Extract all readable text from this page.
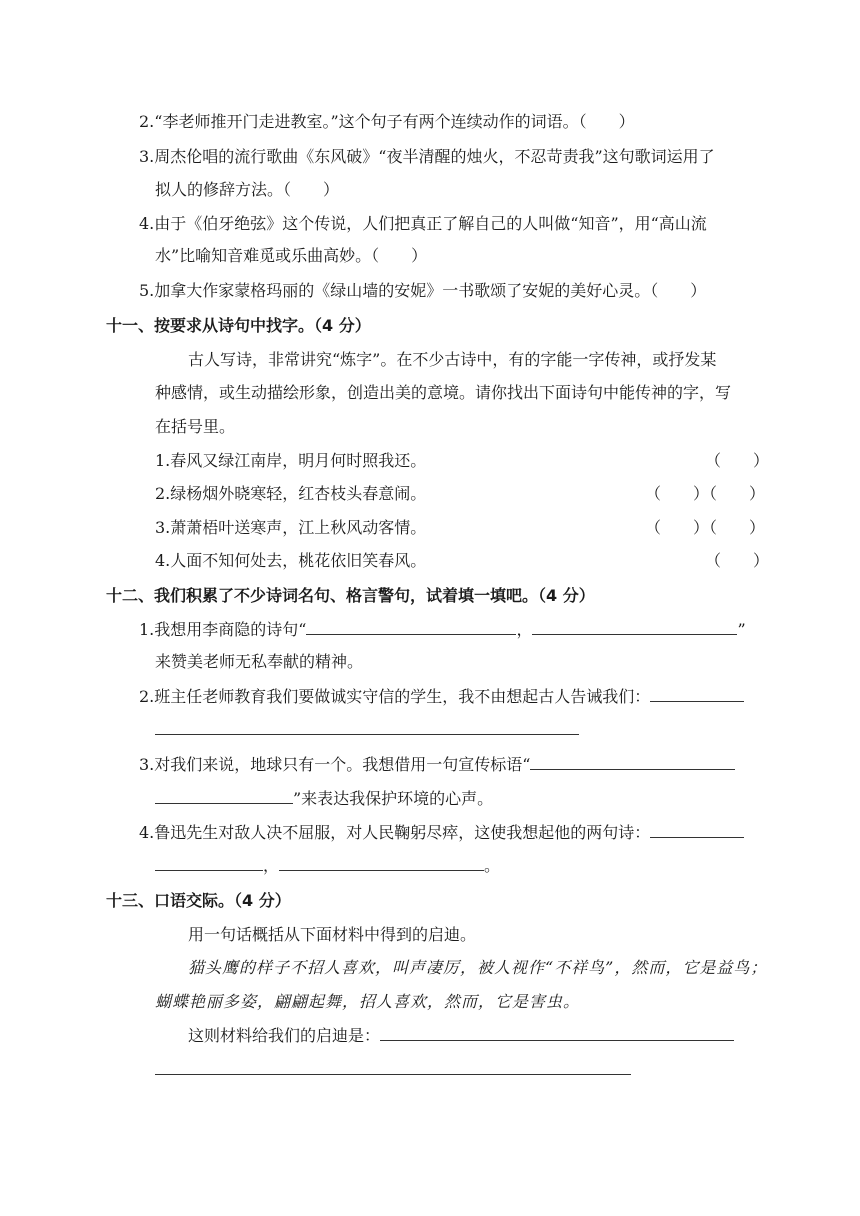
2.“李老师推开门走进教室。”这个句子有两个连续动作的词语。（　　）
3.周杰伦唱的流行歌曲《东风破》“夜半清醒的烛火，不忍苛责我”这句歌词运用了
拟人的修辞方法。（　　）
4.由于《伯牙绝弦》这个传说，人们把真正了解自己的人叫做“知音”，用“高山流
水”比喻知音难觅或乐曲高妙。（　　）
5.加拿大作家蒙格玛丽的《绿山墙的安妮》一书歌颂了安妮的美好心灵。（　　）
十一、按要求从诗句中找字。（4 分）
古人写诗，非常讲究“炼字”。在不少古诗中，有的字能一字传神，或抒发某
种感情，或生动描绘形象，创造出美的意境。请你找出下面诗句中能传神的字，写
在括号里。
1.春风又绿江南岸，明月何时照我还。	（　　）
2.绿杨烟外晓寒轻，红杏枝头春意闹。	（　　）（　　）
3.萧萧梧叶送寒声，江上秋风动客情。	（　　）（　　）
4.人面不知何处去，桃花依旧笑春风。	（　　）
十二、我们积累了不少诗词名句、格言警句，试着填一填吧。（4 分）
1.我想用李商隐的诗句“	，	”
来赞美老师无私奉献的精神。
2.班主任老师教育我们要做诚实守信的学生，我不由想起古人告诫我们：
3.对我们来说，地球只有一个。我想借用一句宣传标语“
”来表达我保护环境的心声。
4.鲁迅先生对敌人决不屈服，对人民鞠躬尽瘁，这使我想起他的两句诗：
，	。
十三、口语交际。（4 分）
用一句话概括从下面材料中得到的启迪。
猫头鹰的样子不招人喜欢，叫声凄厉，被人视作“不祥鸟”，然而，它是益鸟；
蝴蝶艳丽多姿，翩翩起舞，招人喜欢，然而，它是害虫。
这则材料给我们的启迪是：
